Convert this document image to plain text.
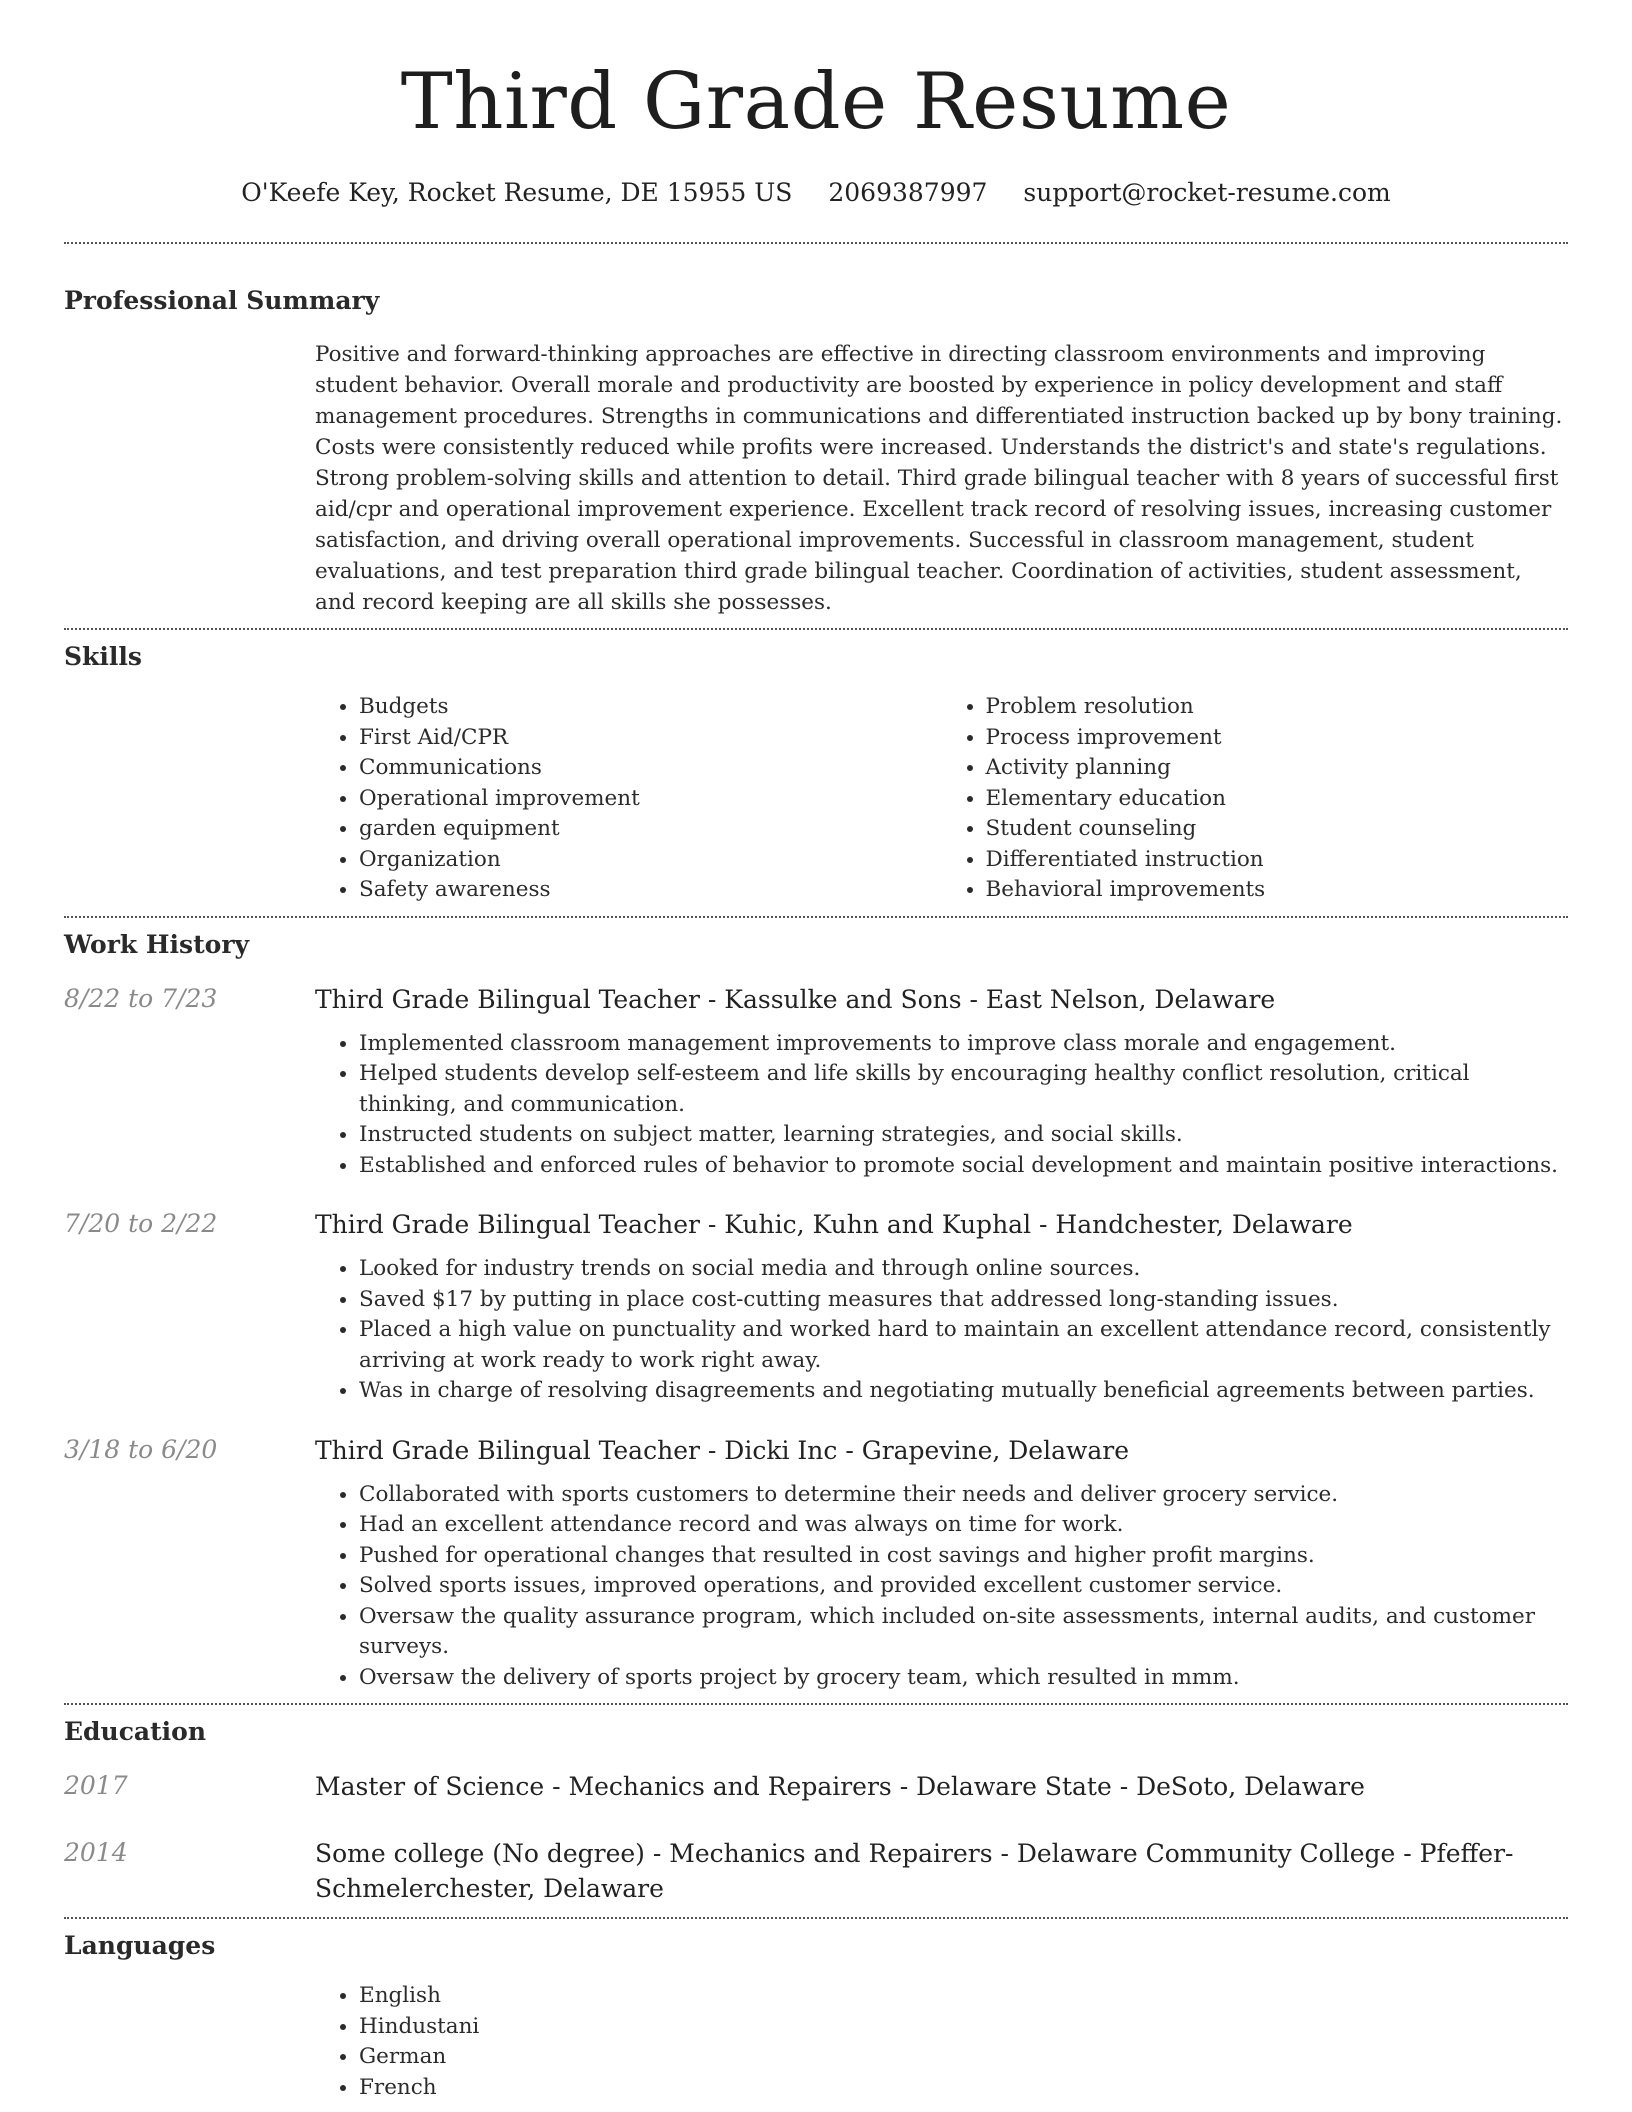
Third Grade Resume
O'Keefe Key, Rocket Resume, DE 15955 US 2069387997 support@rocket-resume.com
Professional Summary
Positive and forward-thinking approaches are effective in directing classroom environments and improving student behavior. Overall morale and productivity are boosted by experience in policy development and staff management procedures. Strengths in communications and differentiated instruction backed up by bony training. Costs were consistently reduced while profits were increased. Understands the district's and state's regulations. Strong problem-solving skills and attention to detail. Third grade bilingual teacher with 8 years of successful first aid/cpr and operational improvement experience. Excellent track record of resolving issues, increasing customer satisfaction, and driving overall operational improvements. Successful in classroom management, student evaluations, and test preparation third grade bilingual teacher. Coordination of activities, student assessment, and record keeping are all skills she possesses.
Skills
• Budgets
• First Aid/CPR
• Communications
• Operational improvement
• garden equipment
• Organization
• Safety awareness
• Problem resolution
• Process improvement
• Activity planning
• Elementary education
• Student counseling
• Differentiated instruction
• Behavioral improvements
Work History
8/22 to 7/23	Third Grade Bilingual Teacher - Kassulke and Sons - East Nelson, Delaware
• Implemented classroom management improvements to improve class morale and engagement.
• Helped students develop self-esteem and life skills by encouraging healthy conflict resolution, critical thinking, and communication.
• Instructed students on subject matter, learning strategies, and social skills.
• Established and enforced rules of behavior to promote social development and maintain positive interactions.
7/20 to 2/22	Third Grade Bilingual Teacher - Kuhic, Kuhn and Kuphal - Handchester, Delaware
• Looked for industry trends on social media and through online sources.
• Saved $17 by putting in place cost-cutting measures that addressed long-standing issues.
• Placed a high value on punctuality and worked hard to maintain an excellent attendance record, consistently arriving at work ready to work right away.
• Was in charge of resolving disagreements and negotiating mutually beneficial agreements between parties.
3/18 to 6/20	Third Grade Bilingual Teacher - Dicki Inc - Grapevine, Delaware
• Collaborated with sports customers to determine their needs and deliver grocery service.
• Had an excellent attendance record and was always on time for work.
• Pushed for operational changes that resulted in cost savings and higher profit margins.
• Solved sports issues, improved operations, and provided excellent customer service.
• Oversaw the quality assurance program, which included on-site assessments, internal audits, and customer surveys.
• Oversaw the delivery of sports project by grocery team, which resulted in mmm.
Education
2017	Master of Science - Mechanics and Repairers - Delaware State - DeSoto, Delaware
2014	Some college (No degree) - Mechanics and Repairers - Delaware Community College - Pfeffer-Schmelerchester, Delaware
Languages
• English
• Hindustani
• German
• French
